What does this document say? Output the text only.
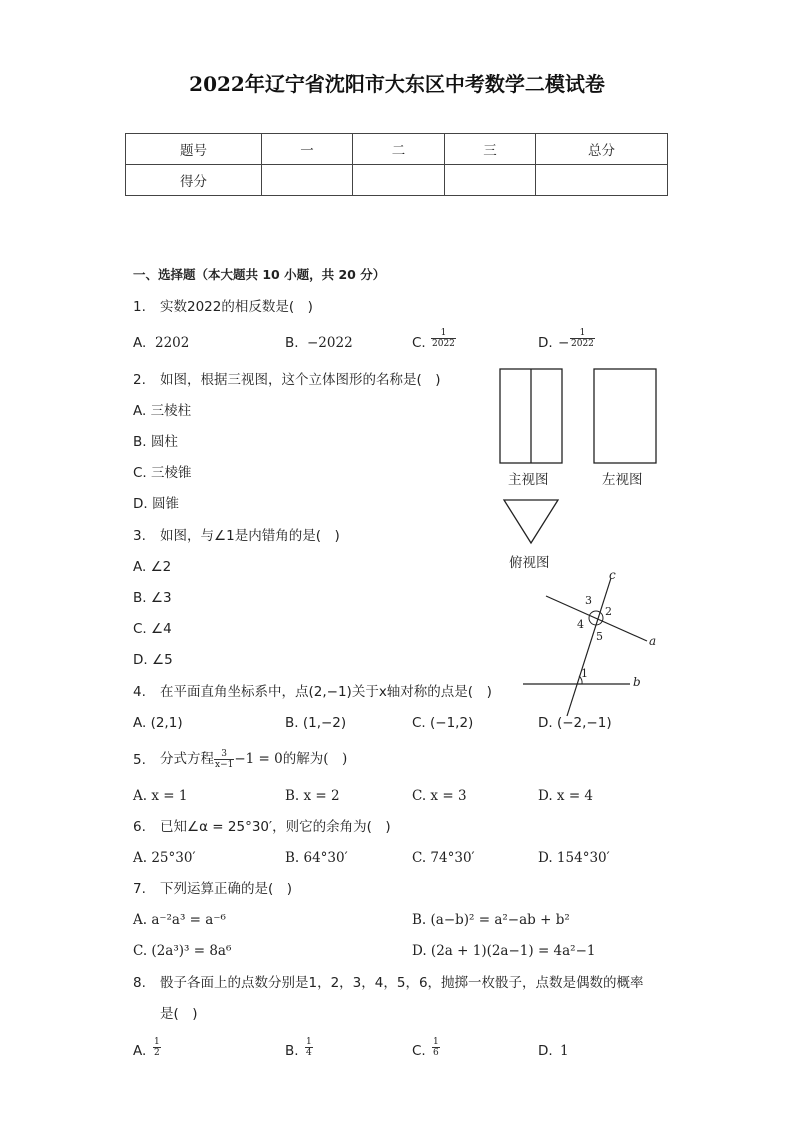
2022年辽宁省沈阳市大东区中考数学二模试卷
题号	一	二	三	总分
得分				
一、选择题（本大题共 10 小题，共 20 分）
1. 实数2022的相反数是(　)
A. 2202	B. −2022	C. $\frac{1}{2022}$	D. − $\frac{1}{2022}$
2. 如图，根据三视图，这个立体图形的名称是(　)
A. 三棱柱
B. 圆柱
C. 三棱锥
D. 圆锥
主视图	左视图
俯视图
3. 如图，与∠1是内错角的是(　)
A. ∠2
B. ∠3
C. ∠4
D. ∠5
c
a
b
3
2
4
5
1
4. 在平面直角坐标系中，点(2,−1)关于x轴对称的点是(　)
A. (2,1)	B. (1,−2)	C. (−1,2)	D. (−2,−1)
5. 分式方程 $\frac{3}{x-1} -1 = 0$的解为(　)
A. x = 1	B. x = 2	C. x = 3	D. x = 4
6. 已知∠α = 25°30′，则它的余角为(　)
A. 25°30′	B. 64°30′	C. 74°30′	D. 154°30′
7. 下列运算正确的是(　)
A. a⁻²a³ = a⁻⁶	B. (a−b)² = a²−ab + b²
C. (2a³)³ = 8a⁶	D. (2a + 1)(2a−1) = 4a²−1
8. 骰子各面上的点数分别是1，2，3，4，5，6，抛掷一枚骰子，点数是偶数的概率
是(　)
A. $\frac{1}{2}$	B. $\frac{1}{4}$	C. $\frac{1}{6}$	D. 1
